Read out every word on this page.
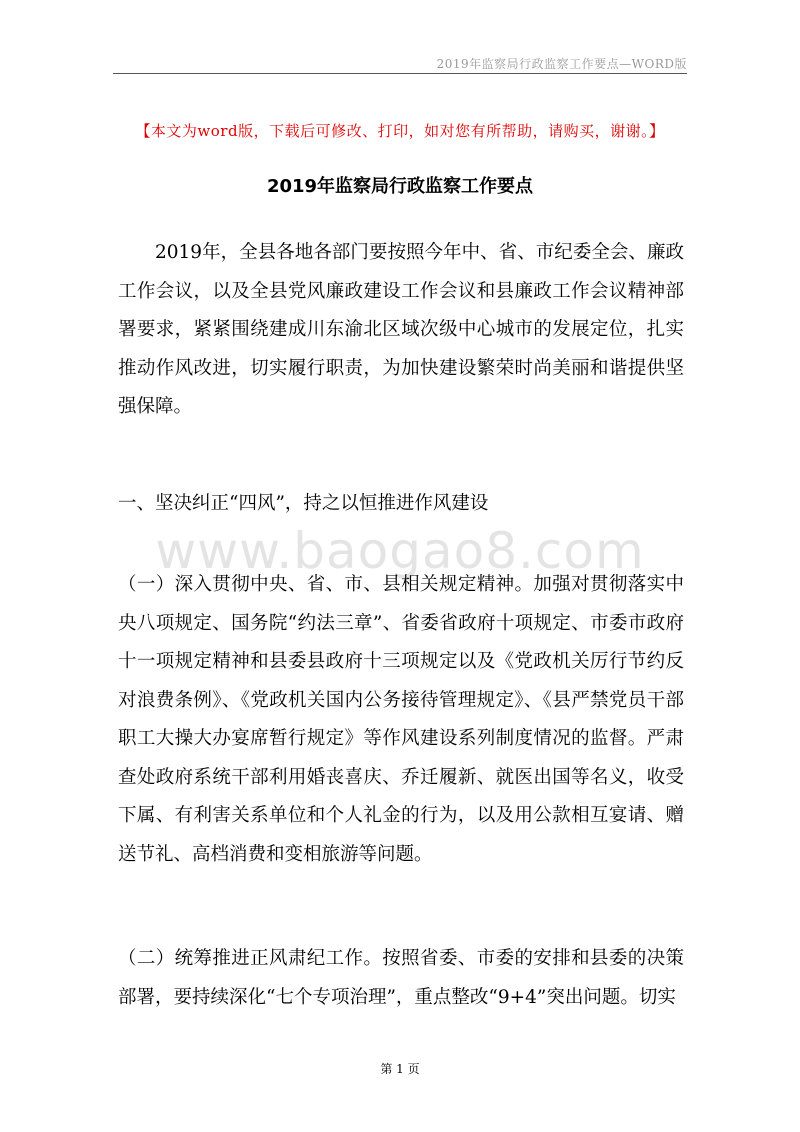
2019年监察局行政监察工作要点—WORD版
【本文为word版，下载后可修改、打印，如对您有所帮助，请购买，谢谢。】
2019年监察局行政监察工作要点

2019年，全县各地各部门要按照今年中、省、市纪委全会、廉政工作会议，以及全县党风廉政建设工作会议和县廉政工作会议精神部署要求，紧紧围绕建成川东渝北区域次级中心城市的发展定位，扎实推动作风改进，切实履行职责，为加快建设繁荣时尚美丽和谐提供坚强保障。

一、坚决纠正“四风”，持之以恒推进作风建设

www.baogao8.com

（一）深入贯彻中央、省、市、县相关规定精神。加强对贯彻落实中央八项规定、国务院“约法三章”、省委省政府十项规定、市委市政府十一项规定精神和县委县政府十三项规定以及《党政机关厉行节约反对浪费条例》、《党政机关国内公务接待管理规定》、《县严禁党员干部职工大操大办宴席暂行规定》等作风建设系列制度情况的监督。严肃查处政府系统干部利用婚丧喜庆、乔迁履新、就医出国等名义，收受下属、有利害关系单位和个人礼金的行为，以及用公款相互宴请、赠送节礼、高档消费和变相旅游等问题。

（二）统筹推进正风肃纪工作。按照省委、市委的安排和县委的决策部署，要持续深化“七个专项治理”，重点整改“9+4”突出问题。切实

第 1 页
